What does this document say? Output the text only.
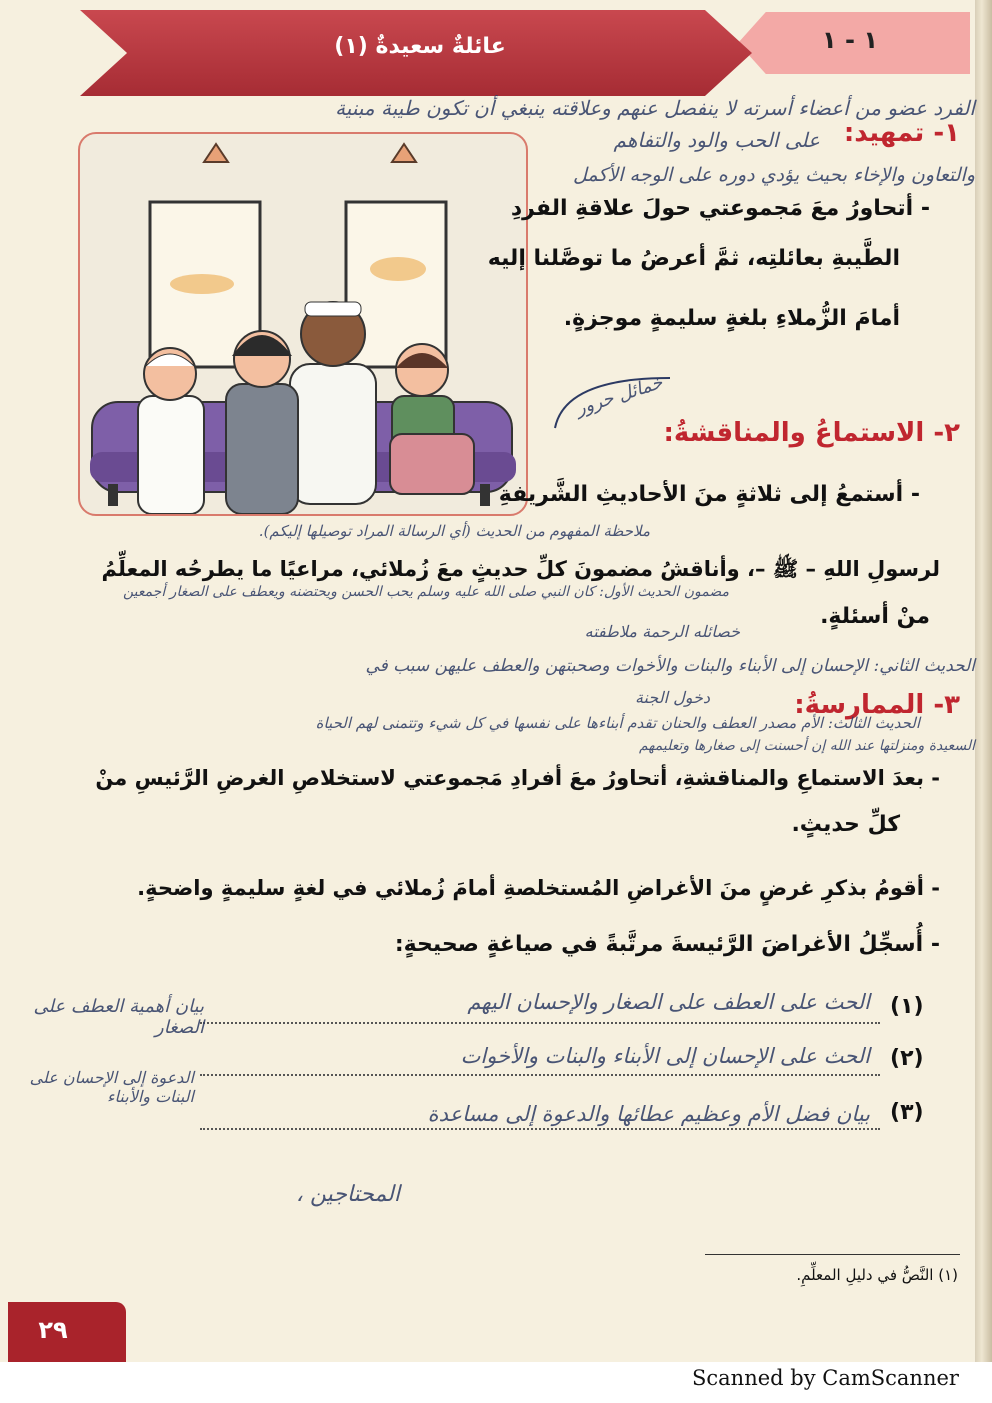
١ - ١
عائلةٌ سعيدةٌ (١)
الفرد عضو من أعضاء أسرته لا ينفصل عنهم وعلاقته ينبغي أن تكون طيبة مبنية
١- تمهيد:
على الحب والود والتفاهم
والتعاون والإخاء بحيث يؤدي دوره على الوجه الأكمل
- أتحاورُ معَ مَجموعتي حولَ علاقةِ الفردِ
الطَّيبةِ بعائلتِه، ثمَّ أعرضُ ما توصَّلنا إليه
أمامَ الزُّملاءِ بلغةٍ سليمةٍ موجزةٍ.
خمائل حرور
٢- الاستماعُ والمناقشةُ:
- أستمعُ إلى ثلاثةٍ منَ الأحاديثِ الشَّريفةِ
ملاحظة المفهوم من الحديث (أي الرسالة المراد توصيلها إليكم).
لرسولِ اللهِ – ﷺ –، وأناقشُ مضمونَ كلِّ حديثٍ معَ زُملائي، مراعيًا ما يطرحُه المعلِّمُ
مضمون الحديث الأول: كان النبي صلى الله عليه وسلم يحب الحسن ويحتضنه ويعطف على الصغار أجمعين
منْ أسئلةٍ.
خصائله الرحمة ملاطفته
الحديث الثاني: الإحسان إلى الأبناء والبنات والأخوات وصحبتهن والعطف عليهن سبب في
دخول الجنة	٣- الممارسةُ:
الحديث الثالث: الأم مصدر العطف والحنان تقدم أبناءها على نفسها في كل شيء وتتمنى لهم الحياة
السعيدة ومنزلتها عند الله إن أحسنت إلى صغارها وتعليمهم
- بعدَ الاستماعِ والمناقشةِ، أتحاورُ معَ أفرادِ مَجموعتي لاستخلاصِ الغرضِ الرَّئيسِ منْ
كلِّ حديثٍ.
- أقومُ بذكرِ غرضٍ منَ الأغراضِ المُستخلصةِ أمامَ زُملائي في لغةٍ سليمةٍ واضحةٍ.
- أُسجِّلُ الأغراضَ الرَّئيسةَ مرتَّبةً في صياغةٍ صحيحةٍ:
(١)
الحث على العطف على الصغار والإحسان اليهم
(٢)
الحث على الإحسان إلى الأبناء والبنات والأخوات
(٣)
بيان فضل الأم وعظيم عطائها والدعوة إلى مساعدة
المحتاجين ،
بيان أهمية العطف على الصغار
الدعوة إلى الإحسان على البنات والأبناء
(١) النَّصُّ في دليلِ المعلِّمِ.
٢٩
Scanned by CamScanner
